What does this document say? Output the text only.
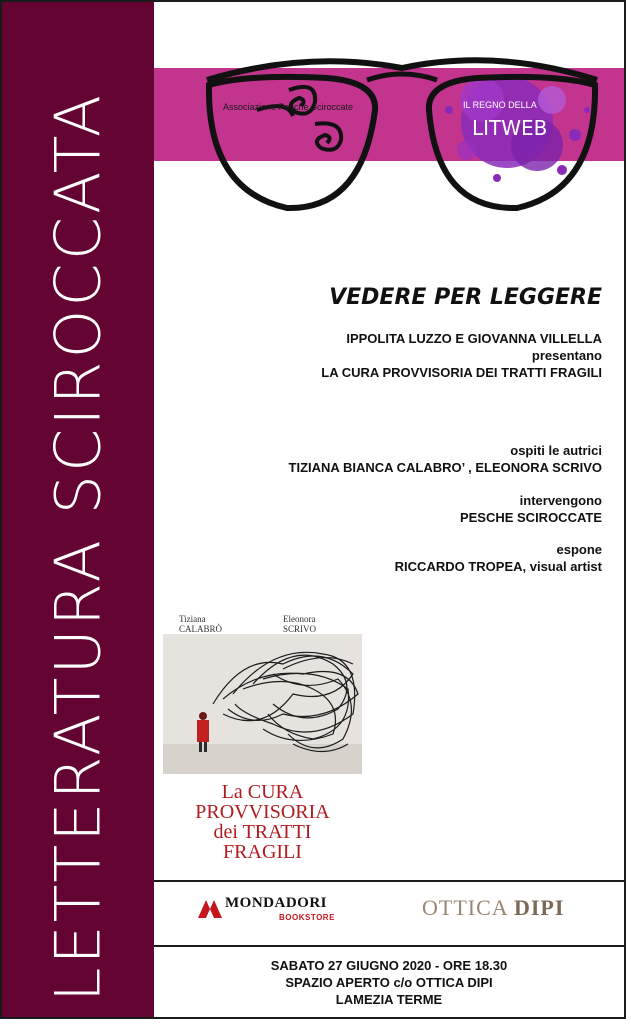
LETTERATURA SCIROCCATA	Associazione Pesche Sciroccate	IL REGNO DELLA
LITWEB
VEDERE PER LEGGERE
IPPOLITA LUZZO E GIOVANNA VILLELLA
presentano
LA CURA PROVVISORIA DEI TRATTI FRAGILI
ospiti le autrici
TIZIANA BIANCA CALABRO’ , ELEONORA SCRIVO
intervengono
PESCHE SCIROCCATE
espone
RICCARDO TROPEA, visual artist
Tiziana
CALABRÒ
Eleonora
SCRIVO
La CURA
PROVVISORIA
dei TRATTI
FRAGILI
MONDADORI
BOOKSTORE	OTTICA DIPI
SABATO 27 GIUGNO 2020 - ORE 18.30
SPAZIO APERTO c/o OTTICA DIPI
LAMEZIA TERME
